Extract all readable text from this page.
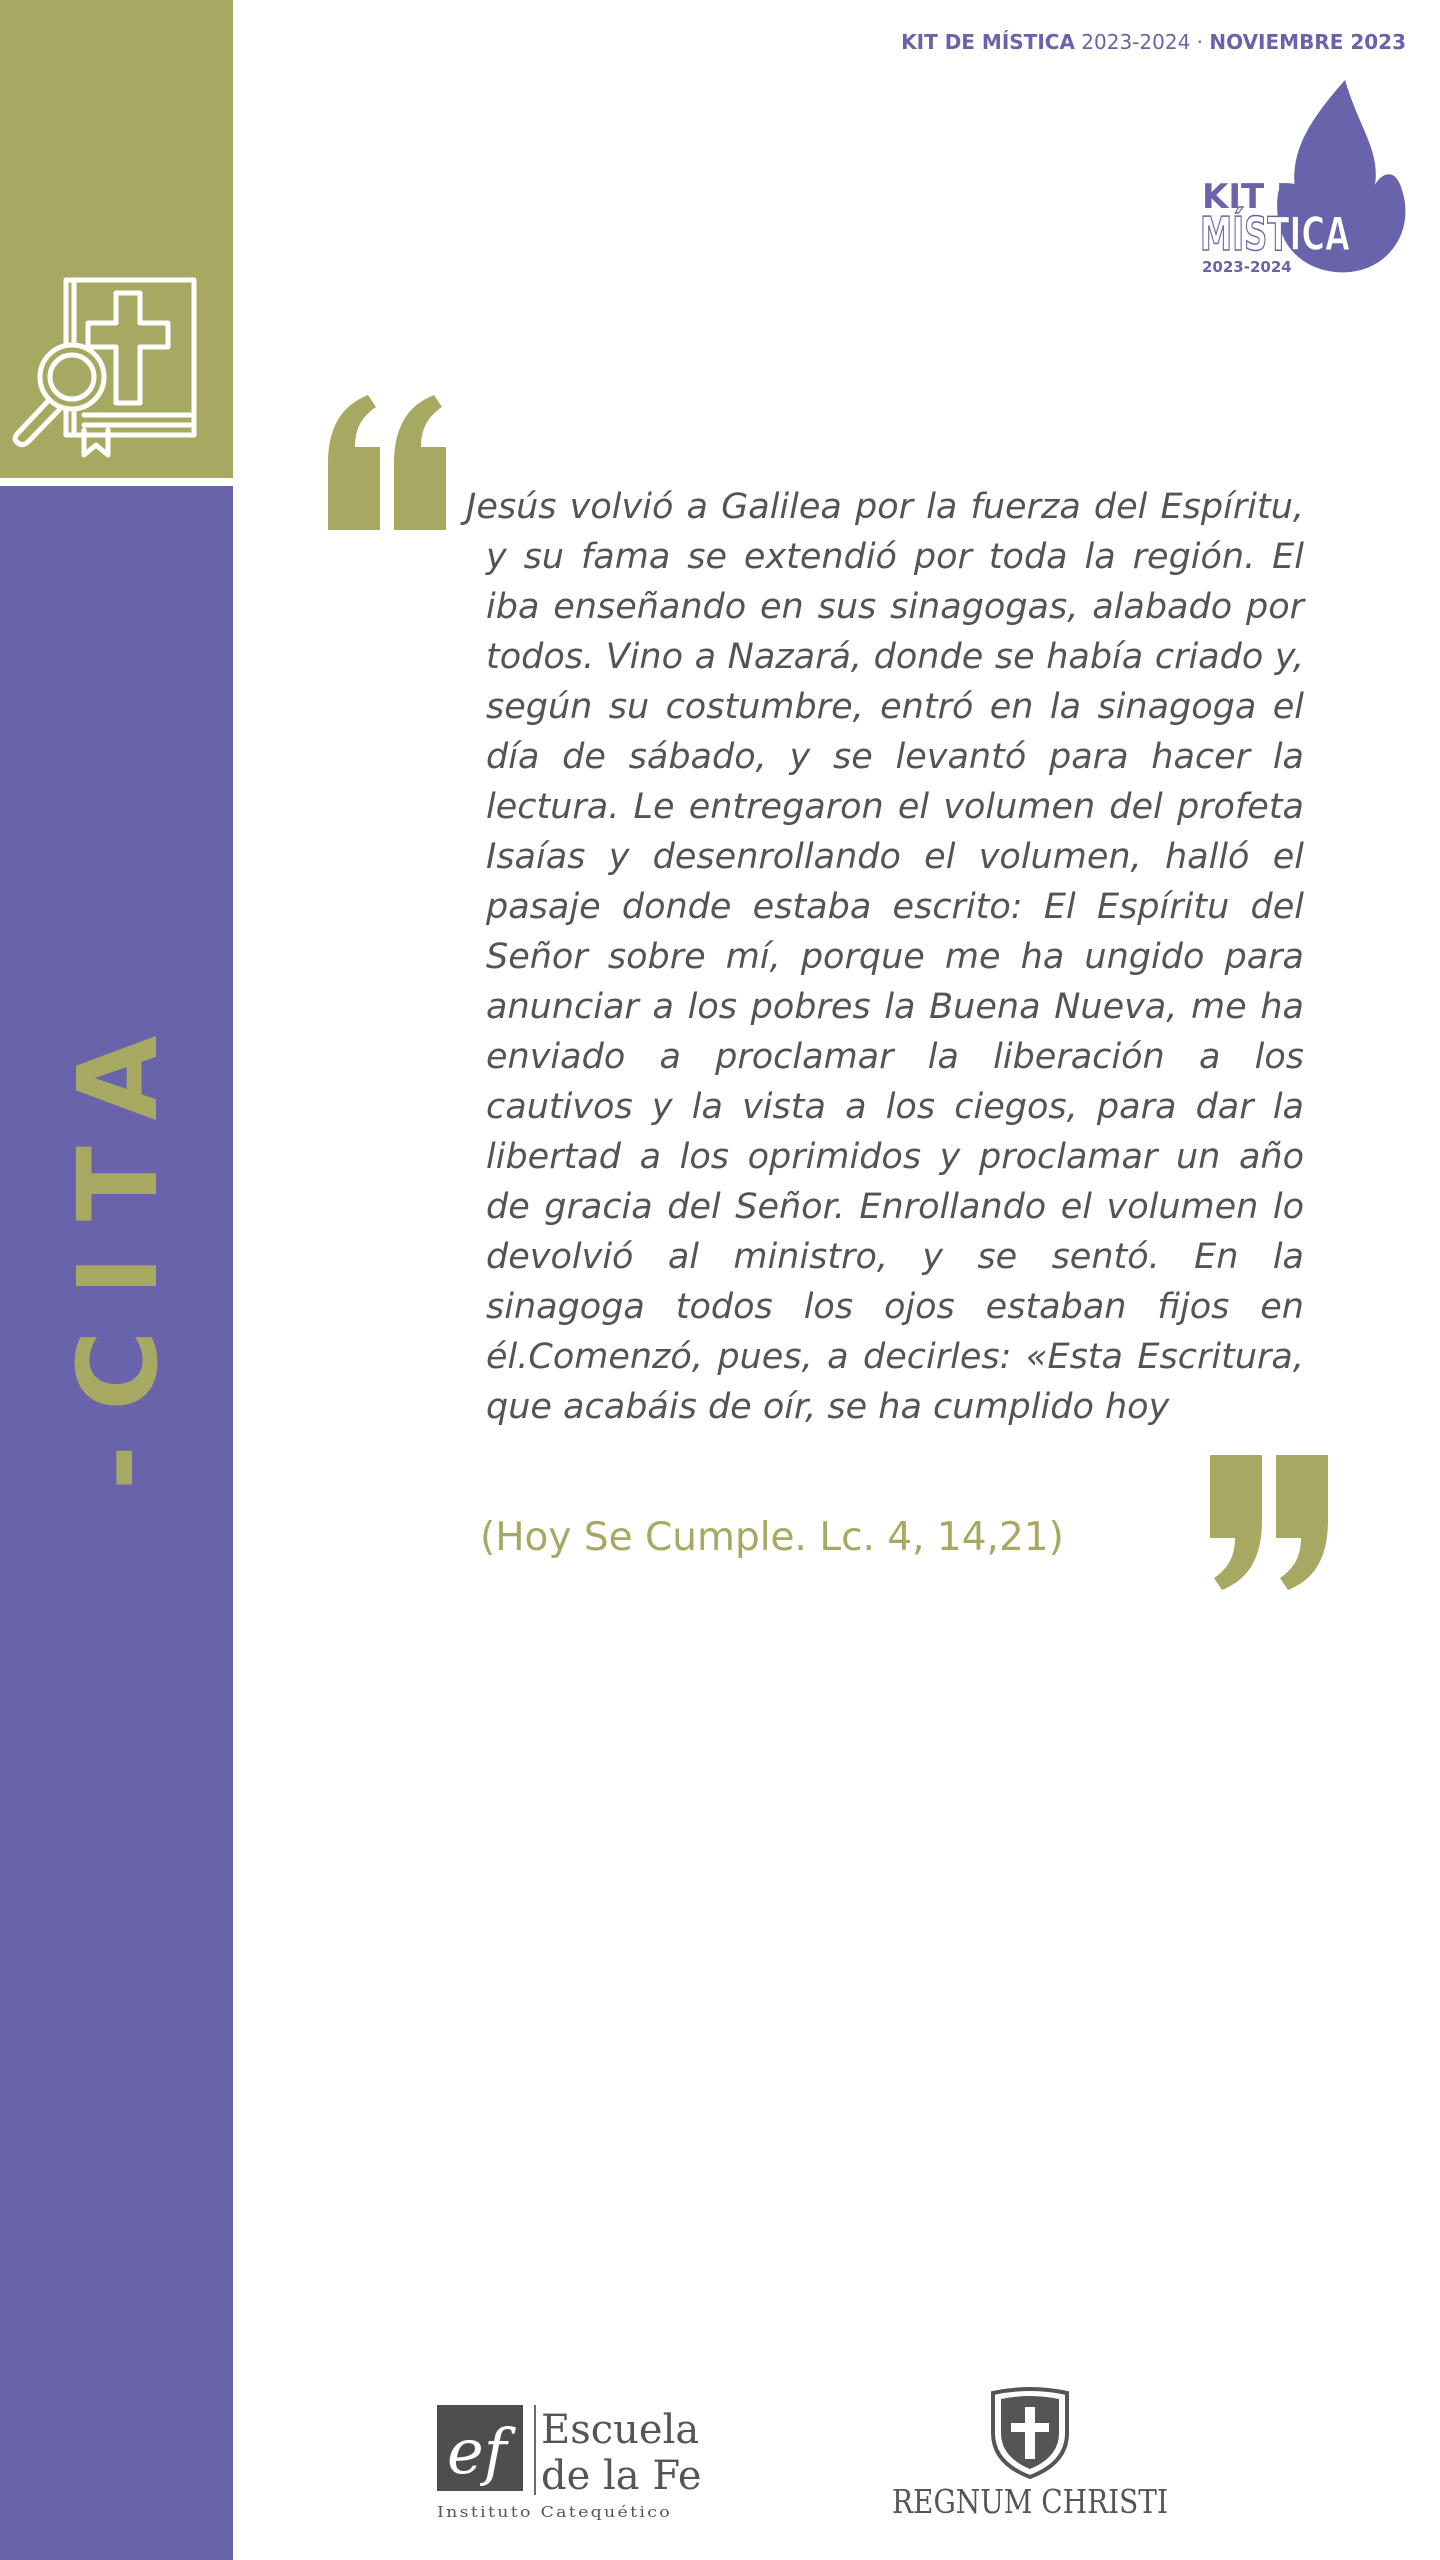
-CITA
KIT DE MÍSTICA 2023-2024 · NOVIEMBRE 2023
KIT DE
MÍSTICA
2023-2024

Jesús volvió a Galilea por la fuerza del Espíritu, y su fama se extendió por toda la región. El iba enseñando en sus sinagogas, alabado por todos. Vino a Nazará, donde se había criado y, según su costumbre, entró en la sinagoga el día de sábado, y se levantó para hacer la lectura. Le entregaron el volumen del profeta Isaías y desenrollando el volumen, halló el pasaje donde estaba escrito: El Espíritu del Señor sobre mí, porque me ha ungido para anunciar a los pobres la Buena Nueva, me ha enviado a proclamar la liberación a los cautivos y la vista a los ciegos, para dar la libertad a los oprimidos y proclamar un año de gracia del Señor. Enrollando el volumen lo devolvió al ministro, y se sentó. En la sinagoga todos los ojos estaban fijos en él.Comenzó, pues, a decirles: «Esta Escritura, que acabáis de oír, se ha cumplido hoy

(Hoy Se Cumple. Lc. 4, 14,21)
ef Escuela
de la Fe
Instituto Catequético	REGNUM CHRISTI
